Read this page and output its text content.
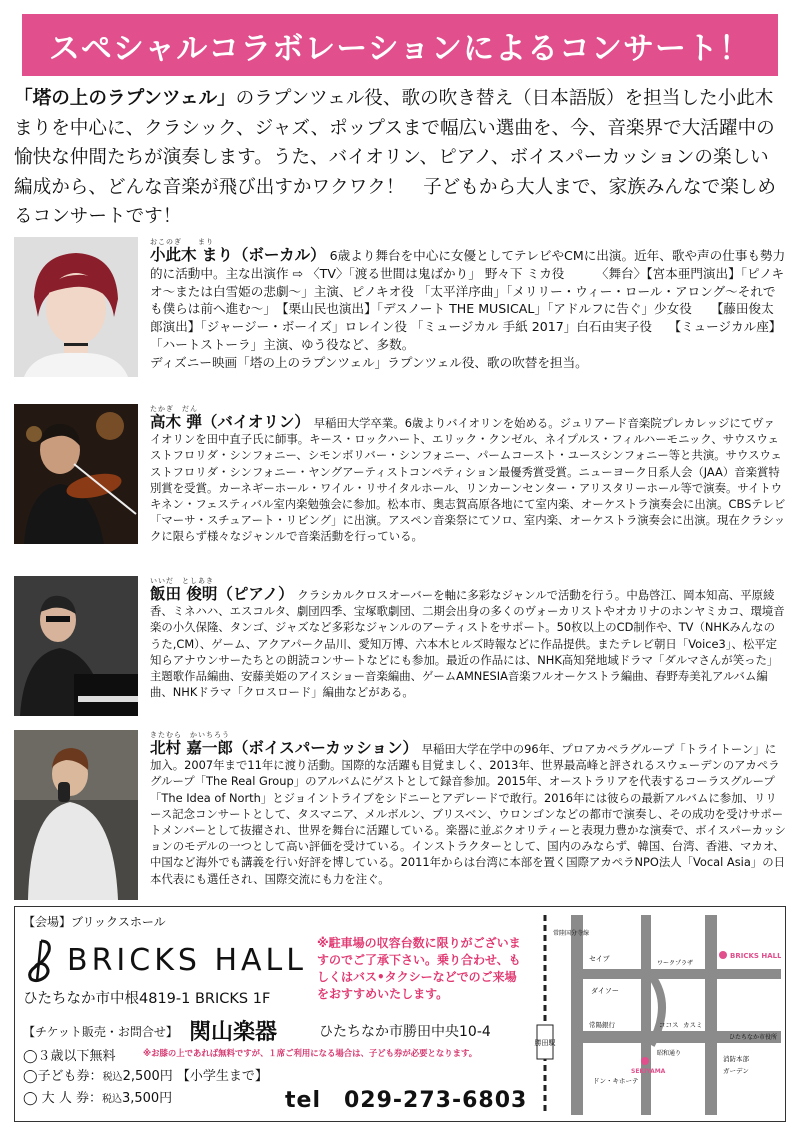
スペシャルコラボレーションによるコンサート！
「塔の上のラプンツェル」のラプンツェル役、歌の吹き替え（日本語版）を担当した小此木まりを中心に、クラシック、ジャズ、ポップスまで幅広い選曲を、今、音楽界で大活躍中の愉快な仲間たちが演奏します。うた、バイオリン、ピアノ、ボイスパーカッションの楽しい編成から、どんな音楽が飛び出すかワクワク！　子どもから大人まで、家族みんなで楽しめるコンサートです！
おこのぎ　　まり
小此木 まり（ボーカル） 6歳より舞台を中心に女優としてテレビやCMに出演。近年、歌や声の仕事も勢力的に活動中。主な出演作 ⇨ 〈TV〉「渡る世間は鬼ばかり」 野々下 ミカ役　　　〈舞台〉【宮本亜門演出】「ピノキオ〜または白雪姫の悲劇〜」主演、ピノキオ役 「太平洋序曲」「メリリー・ウィー・ロール・アロング〜それでも僕らは前へ進む〜」　【栗山民也演出】「デスノート THE MUSICAL」「アドルフに告ぐ」少女役　　【藤田俊太郎演出】「ジャージー・ボーイズ」ロレイン役 「ミュージカル 手紙 2017」白石由実子役　 【ミュージカル座】「ハートストーラ」主演、ゆう役など、多数。
ディズニー映画「塔の上のラプンツェル」ラプンツェル役、歌の吹替を担当。
たかぎ　だん
高木 弾（バイオリン） 早稲田大学卒業。6歳よりバイオリンを始める。ジュリアード音楽院プレカレッジにてヴァイオリンを田中直子氏に師事。キース・ロックハート、エリック・クンゼル、ネイプルス・フィルハーモニック、サウスウェストフロリダ・シンフォニー、シモンボリバー・シンフォニー、パームコースト・ユースシンフォニー等と共演。サウスウェストフロリダ・シンフォニー・ヤングアーティストコンペティション最優秀賞受賞。ニューヨーク日系人会（JAA）音楽賞特別賞を受賞。カーネギーホール・ワイル・リサイタルホール、リンカーンセンター・アリスタリーホール等で演奏。サイトウキネン・フェスティバル室内楽勉強会に参加。松本市、奥志賀高原各地にて室内楽、オーケストラ演奏会に出演。CBSテレビ「マーサ・スチュアート・リビング」に出演。アスペン音楽祭にてソロ、室内楽、オーケストラ演奏会に出演。現在クラシックに限らず様々なジャンルで音楽活動を行っている。
いいだ　としあき
飯田 俊明（ピアノ） クラシカルクロスオーバーを軸に多彩なジャンルで活動を行う。中島啓江、岡本知高、平原綾香、ミネハハ、エスコルタ、劇団四季、宝塚歌劇団、二期会出身の多くのヴォーカリストやオカリナのホンヤミカコ、環境音楽の小久保隆、タンゴ、ジャズなど多彩なジャンルのアーティストをサポート。50枚以上のCD制作や、TV（NHKみんなのうた,CM）、ゲーム、アクアパーク品川、愛知万博、六本木ヒルズ時報などに作品提供。またテレビ朝日「Voice3」、松平定知らアナウンサーたちとの朗読コンサートなどにも参加。最近の作品には、NHK高知発地域ドラマ「ダルマさんが笑った」主題歌作品編曲、安藤美姫のアイスショー音楽編曲、ゲームAMNESIA音楽フルオーケストラ編曲、春野寿美礼アルバム編曲、NHKドラマ「クロスロード」編曲などがある。
きたむら　かいちろう
北村 嘉一郎（ボイスパーカッション） 早稲田大学在学中の96年、プロアカペラグループ「トライトーン」に加入。2007年まで11年に渡り活動。国際的な活躍も目覚ましく、2013年、世界最高峰と評されるスウェーデンのアカペラグループ「The Real Group」のアルバムにゲストとして録音参加。2015年、オーストラリアを代表するコーラスグループ「The Idea of North」とジョイントライブをシドニーとアデレードで敢行。2016年には彼らの最新アルバムに参加、リリース記念コンサートとして、タスマニア、メルボルン、ブリスベン、ウロンゴンなどの都市で演奏し、その成功を受けサポートメンバーとして抜擢され、世界を舞台に活躍している。楽器に並ぶクオリティーと表現力豊かな演奏で、ボイスパーカッションのモデルの一つとして高い評価を受けている。インストラクターとして、国内のみならず、韓国、台湾、香港、マカオ、中国など海外でも講義を行い好評を博している。2011年からは台湾に本部を置く国際アカペラNPO法人「Vocal Asia」の日本代表にも選任され、国際交流にも力を注ぐ。
【会場】ブリックスホール
BRICKS HALL
ひたちなか市中根4819-1 BRICKS 1F
※駐車場の収容台数に限りがございますのでご了承下さい。乗り合わせ、もしくはバス•タクシーなどでのご来場をおすすめいたします。
【チケット販売・お問合せ】 関山楽器	ひたちなか市勝田中央10-4
◯３歳以下無料	※お膝の上であれば無料ですが、１席ご利用になる場合は、子ども券が必要となります。
◯子ども券：税込2,500円 【小学生まで】
◯ 大 人 券：税込3,500円	tel　029-273-6803
勝田駅
BRICKS HALL
SEKIYAMA
セイブ
ダイソー
ワークプラザ
常陽銀行	ココス カスミ
ドン・キホーテ
ガーデン
消防本部
昭和通り
ひたちなか市役所
常陸国分寺線
